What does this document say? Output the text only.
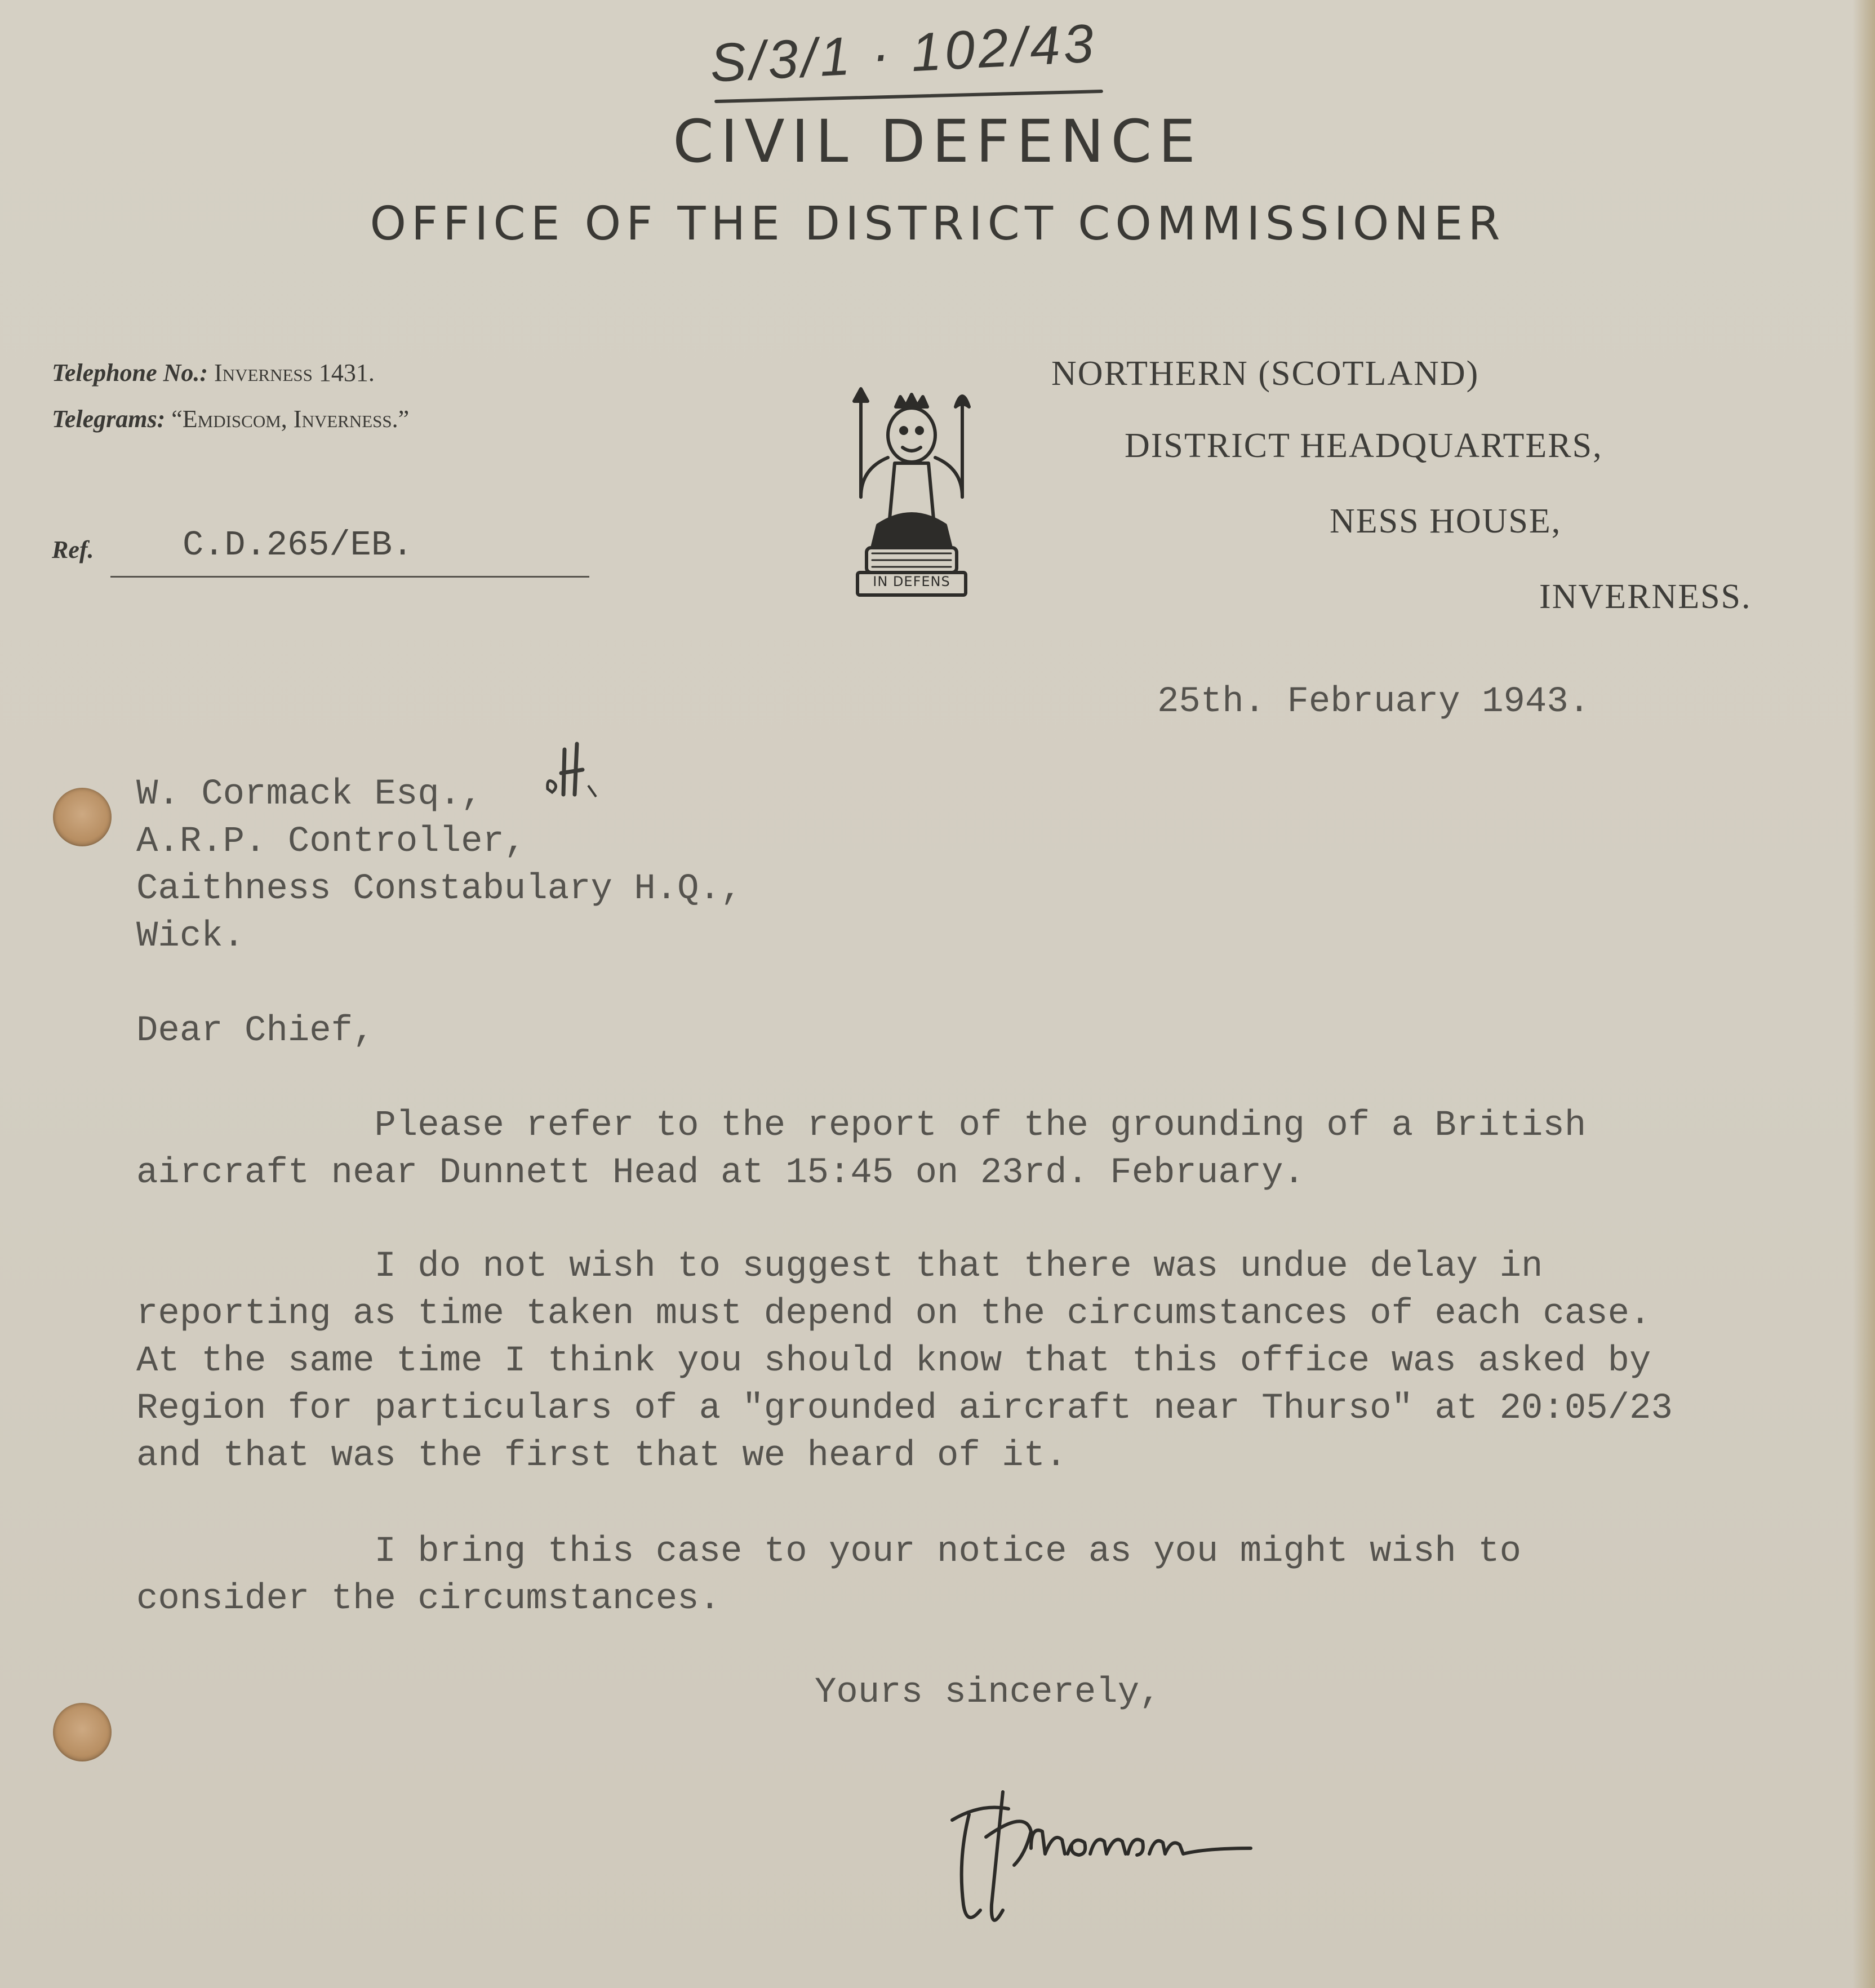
S/3/1 · 102/43
CIVIL DEFENCE
OFFICE OF THE DISTRICT COMMISSIONER
Telephone No.: Inverness 1431.
Telegrams: “Emdiscom, Inverness.”
Ref.	C.D.265/EB.
IN DEFENS
NORTHERN (SCOTLAND)
DISTRICT HEADQUARTERS,
NESS HOUSE,
INVERNESS.
25th. February 1943.
W. Cormack Esq.,
A.R.P. Controller,
Caithness Constabulary H.Q.,
Wick.
Dear Chief,
Please refer to the report of the grounding of a British
aircraft near Dunnett Head at 15:45 on 23rd. February.
I do not wish to suggest that there was undue delay in
reporting as time taken must depend on the circumstances of each case.
At the same time I think you should know that this office was asked by
Region for particulars of a "grounded aircraft near Thurso" at 20:05/23
and that was the first that we heard of it.
I bring this case to your notice as you might wish to
consider the circumstances.
Yours sincerely,
